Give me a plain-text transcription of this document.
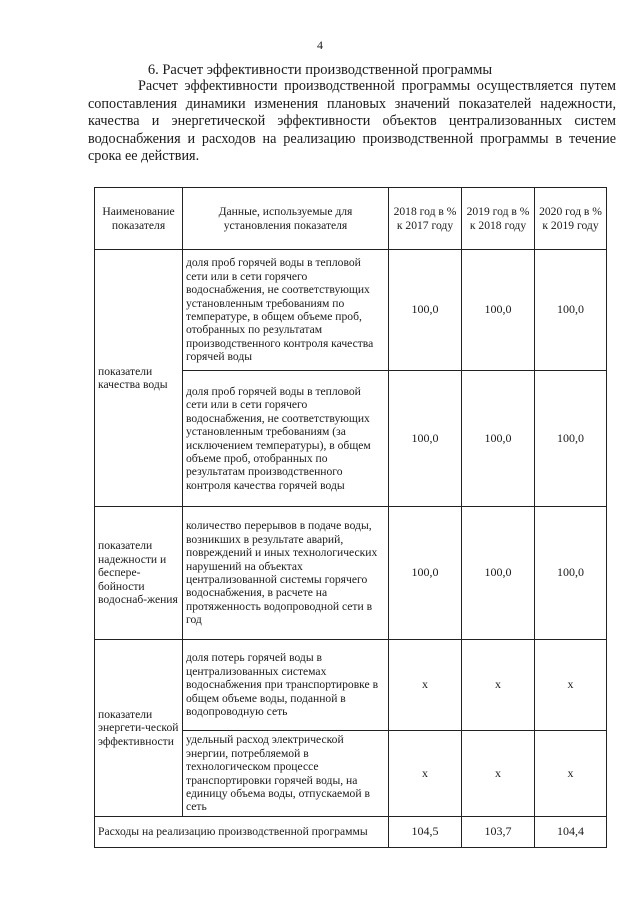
4
6. Расчет эффективности производственной программы

Расчет эффективности производственной программы осуществляется путем сопоставления динамики изменения плановых значений показателей надежности, качества и энергетической эффективности объектов централизованных систем водоснабжения и расходов на реализацию производственной программы в течение срока ее действия.

Наименование показателя	Данные, используемые для установления показателя	2018 год в % к 2017 году	2019 год в % к 2018 году	2020 год в % к 2019 году
показатели качества воды	доля проб горячей воды в тепловой сети или в сети горячего водоснабжения, не соответствующих установленным требованиям по температуре, в общем объеме проб, отобранных по результатам производственного контроля качества горячей воды	100,0	100,0	100,0
	доля проб горячей воды в тепловой сети или в сети горячего водоснабжения, не соответствующих установленным требованиям (за исключением температуры), в общем объеме проб, отобранных по результатам производственного контроля качества горячей воды	100,0	100,0	100,0
показатели надежности и беспере-бойности водоснаб-жения	количество перерывов в подаче воды, возникших в результате аварий, повреждений и иных технологических нарушений на объектах централизованной системы горячего водоснабжения, в расчете на протяженность водопроводной сети в год	100,0	100,0	100,0
показатели энергети-ческой эффективности	доля потерь горячей воды в централизованных системах водоснабжения при транспортировке в общем объеме воды, поданной в водопроводную сеть	x	x	x
	удельный расход электрической энергии, потребляемой в технологическом процессе транспортировки горячей воды, на единицу объема воды, отпускаемой в сеть	x	x	x
Расходы на реализацию производственной программы		104,5	103,7	104,4
